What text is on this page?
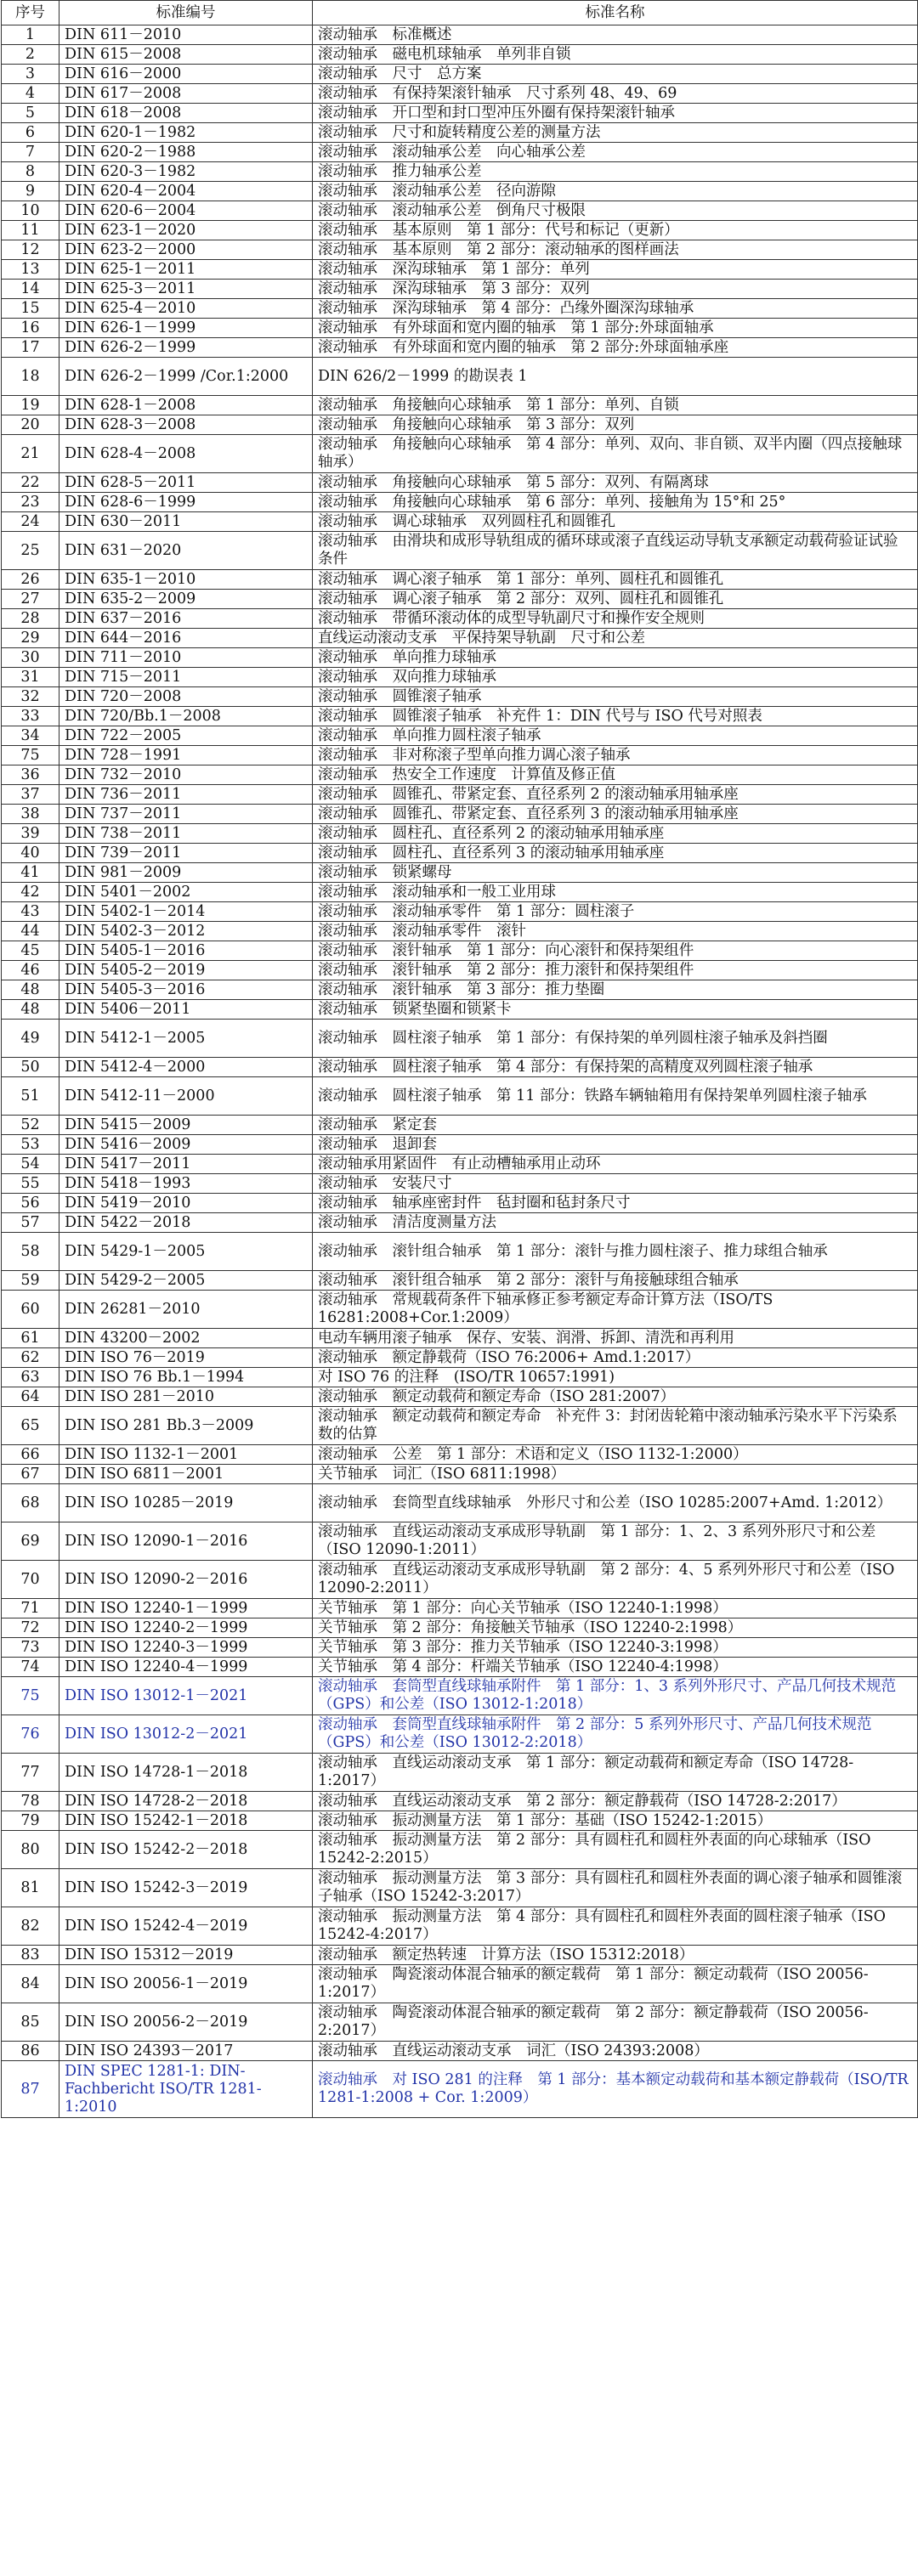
序号	标准编号	标准名称
1	DIN 611－2010	滚动轴承　标准概述
2	DIN 615－2008	滚动轴承　磁电机球轴承　单列非自锁
3	DIN 616－2000	滚动轴承　尺寸　总方案
4	DIN 617－2008	滚动轴承　有保持架滚针轴承　尺寸系列 48、49、69
5	DIN 618－2008	滚动轴承　开口型和封口型冲压外圈有保持架滚针轴承
6	DIN 620-1－1982	滚动轴承　尺寸和旋转精度公差的测量方法
7	DIN 620-2－1988	滚动轴承　滚动轴承公差　向心轴承公差
8	DIN 620-3－1982	滚动轴承　推力轴承公差
9	DIN 620-4－2004	滚动轴承　滚动轴承公差　径向游隙
10	DIN 620-6－2004	滚动轴承　滚动轴承公差　倒角尺寸极限
11	DIN 623-1－2020	滚动轴承　基本原则　第 1 部分：代号和标记（更新）
12	DIN 623-2－2000	滚动轴承　基本原则　第 2 部分：滚动轴承的图样画法
13	DIN 625-1－2011	滚动轴承　深沟球轴承　第 1 部分：单列
14	DIN 625-3－2011	滚动轴承　深沟球轴承　第 3 部分：双列
15	DIN 625-4－2010	滚动轴承　深沟球轴承　第 4 部分：凸缘外圈深沟球轴承
16	DIN 626-1－1999	滚动轴承　有外球面和宽内圈的轴承　第 1 部分:外球面轴承
17	DIN 626-2－1999	滚动轴承　有外球面和宽内圈的轴承　第 2 部分:外球面轴承座
18	DIN 626-2－1999 /Cor.1:2000	DIN 626/2－1999 的勘误表 1
19	DIN 628-1－2008	滚动轴承　角接触向心球轴承　第 1 部分：单列、自锁
20	DIN 628-3－2008	滚动轴承　角接触向心球轴承　第 3 部分：双列
21	DIN 628-4－2008	滚动轴承　角接触向心球轴承　第 4 部分：单列、双向、非自锁、双半内圈（四点接触球轴承）
22	DIN 628-5－2011	滚动轴承　角接触向心球轴承　第 5 部分：双列、有隔离球
23	DIN 628-6－1999	滚动轴承　角接触向心球轴承　第 6 部分：单列、接触角为 15°和 25°
24	DIN 630－2011	滚动轴承　调心球轴承　双列圆柱孔和圆锥孔
25	DIN 631－2020	滚动轴承　由滑块和成形导轨组成的循环球或滚子直线运动导轨支承额定动载荷验证试验条件
26	DIN 635-1－2010	滚动轴承　调心滚子轴承　第 1 部分：单列、圆柱孔和圆锥孔
27	DIN 635-2－2009	滚动轴承　调心滚子轴承　第 2 部分：双列、圆柱孔和圆锥孔
28	DIN 637－2016	滚动轴承　带循环滚动体的成型导轨副尺寸和操作安全规则
29	DIN 644－2016	直线运动滚动支承　平保持架导轨副　尺寸和公差
30	DIN 711－2010	滚动轴承　单向推力球轴承
31	DIN 715－2011	滚动轴承　双向推力球轴承
32	DIN 720－2008	滚动轴承　圆锥滚子轴承
33	DIN 720/Bb.1－2008	滚动轴承　圆锥滚子轴承　补充件 1：DIN 代号与 ISO 代号对照表
34	DIN 722－2005	滚动轴承　单向推力圆柱滚子轴承
75	DIN 728－1991	滚动轴承　非对称滚子型单向推力调心滚子轴承
36	DIN 732－2010	滚动轴承　热安全工作速度　计算值及修正值
37	DIN 736－2011	滚动轴承　圆锥孔、带紧定套、直径系列 2 的滚动轴承用轴承座
38	DIN 737－2011	滚动轴承　圆锥孔、带紧定套、直径系列 3 的滚动轴承用轴承座
39	DIN 738－2011	滚动轴承　圆柱孔、直径系列 2 的滚动轴承用轴承座
40	DIN 739－2011	滚动轴承　圆柱孔、直径系列 3 的滚动轴承用轴承座
41	DIN 981－2009	滚动轴承　锁紧螺母
42	DIN 5401－2002	滚动轴承　滚动轴承和一般工业用球
43	DIN 5402-1－2014	滚动轴承　滚动轴承零件　第 1 部分：圆柱滚子
44	DIN 5402-3－2012	滚动轴承　滚动轴承零件　滚针
45	DIN 5405-1－2016	滚动轴承　滚针轴承　第 1 部分：向心滚针和保持架组件
46	DIN 5405-2－2019	滚动轴承　滚针轴承　第 2 部分：推力滚针和保持架组件
48	DIN 5405-3－2016	滚动轴承　滚针轴承　第 3 部分：推力垫圈
48	DIN 5406－2011	滚动轴承　锁紧垫圈和锁紧卡
49	DIN 5412-1－2005	滚动轴承　圆柱滚子轴承　第 1 部分：有保持架的单列圆柱滚子轴承及斜挡圈
50	DIN 5412-4－2000	滚动轴承　圆柱滚子轴承　第 4 部分：有保持架的高精度双列圆柱滚子轴承
51	DIN 5412-11－2000	滚动轴承　圆柱滚子轴承　第 11 部分：铁路车辆轴箱用有保持架单列圆柱滚子轴承
52	DIN 5415－2009	滚动轴承　紧定套
53	DIN 5416－2009	滚动轴承　退卸套
54	DIN 5417－2011	滚动轴承用紧固件　有止动槽轴承用止动环
55	DIN 5418－1993	滚动轴承　安装尺寸
56	DIN 5419－2010	滚动轴承　轴承座密封件　毡封圈和毡封条尺寸
57	DIN 5422－2018	滚动轴承　清洁度测量方法
58	DIN 5429-1－2005	滚动轴承　滚针组合轴承　第 1 部分：滚针与推力圆柱滚子、推力球组合轴承
59	DIN 5429-2－2005	滚动轴承　滚针组合轴承　第 2 部分：滚针与角接触球组合轴承
60	DIN 26281－2010	滚动轴承　常规载荷条件下轴承修正参考额定寿命计算方法（ISO/TS 16281:2008+Cor.1:2009）
61	DIN 43200－2002	电动车辆用滚子轴承　保存、安装、润滑、拆卸、清洗和再利用
62	DIN ISO 76－2019	滚动轴承　额定静载荷（ISO 76:2006+ Amd.1:2017）
63	DIN ISO 76 Bb.1－1994	对 ISO 76 的注释　(ISO/TR 10657:1991)
64	DIN ISO 281－2010	滚动轴承　额定动载荷和额定寿命（ISO 281:2007）
65	DIN ISO 281 Bb.3－2009	滚动轴承　额定动载荷和额定寿命　补充件 3：封闭齿轮箱中滚动轴承污染水平下污染系数的估算
66	DIN ISO 1132-1－2001	滚动轴承　公差　第 1 部分：术语和定义（ISO 1132-1:2000）
67	DIN ISO 6811－2001	关节轴承　词汇（ISO 6811:1998）
68	DIN ISO 10285－2019	滚动轴承　套筒型直线球轴承　外形尺寸和公差（ISO 10285:2007+Amd. 1:2012）
69	DIN ISO 12090-1－2016	滚动轴承　直线运动滚动支承成形导轨副　第 1 部分：1、2、3 系列外形尺寸和公差（ISO 12090-1:2011）
70	DIN ISO 12090-2－2016	滚动轴承　直线运动滚动支承成形导轨副　第 2 部分：4、5 系列外形尺寸和公差（ISO 12090-2:2011）
71	DIN ISO 12240-1－1999	关节轴承　第 1 部分：向心关节轴承（ISO 12240-1:1998）
72	DIN ISO 12240-2－1999	关节轴承　第 2 部分：角接触关节轴承（ISO 12240-2:1998）
73	DIN ISO 12240-3－1999	关节轴承　第 3 部分：推力关节轴承（ISO 12240-3:1998）
74	DIN ISO 12240-4－1999	关节轴承　第 4 部分：杆端关节轴承（ISO 12240-4:1998）
75	DIN ISO 13012-1－2021	滚动轴承　套筒型直线球轴承附件　第 1 部分：1、3 系列外形尺寸、产品几何技术规范（GPS）和公差（ISO 13012-1:2018）
76	DIN ISO 13012-2－2021	滚动轴承　套筒型直线球轴承附件　第 2 部分：5 系列外形尺寸、产品几何技术规范（GPS）和公差（ISO 13012-2:2018）
77	DIN ISO 14728-1－2018	滚动轴承　直线运动滚动支承　第 1 部分：额定动载荷和额定寿命（ISO 14728-1:2017）
78	DIN ISO 14728-2－2018	滚动轴承　直线运动滚动支承　第 2 部分：额定静载荷（ISO 14728-2:2017）
79	DIN ISO 15242-1－2018	滚动轴承　振动测量方法　第 1 部分：基础（ISO 15242-1:2015）
80	DIN ISO 15242-2－2018	滚动轴承　振动测量方法　第 2 部分：具有圆柱孔和圆柱外表面的向心球轴承（ISO 15242-2:2015）
81	DIN ISO 15242-3－2019	滚动轴承　振动测量方法　第 3 部分：具有圆柱孔和圆柱外表面的调心滚子轴承和圆锥滚子轴承（ISO 15242-3:2017）
82	DIN ISO 15242-4－2019	滚动轴承　振动测量方法　第 4 部分：具有圆柱孔和圆柱外表面的圆柱滚子轴承（ISO 15242-4:2017）
83	DIN ISO 15312－2019	滚动轴承　额定热转速　计算方法（ISO 15312:2018）
84	DIN ISO 20056-1－2019	滚动轴承　陶瓷滚动体混合轴承的额定载荷　第 1 部分：额定动载荷（ISO 20056-1:2017）
85	DIN ISO 20056-2－2019	滚动轴承　陶瓷滚动体混合轴承的额定载荷　第 2 部分：额定静载荷（ISO 20056-2:2017）
86	DIN ISO 24393－2017	滚动轴承　直线运动滚动支承　词汇（ISO 24393:2008）
87	DIN SPEC 1281-1: DIN-Fachbericht ISO/TR 1281-1:2010	滚动轴承　对 ISO 281 的注释　第 1 部分：基本额定动载荷和基本额定静载荷（ISO/TR 1281-1:2008 + Cor. 1:2009）
